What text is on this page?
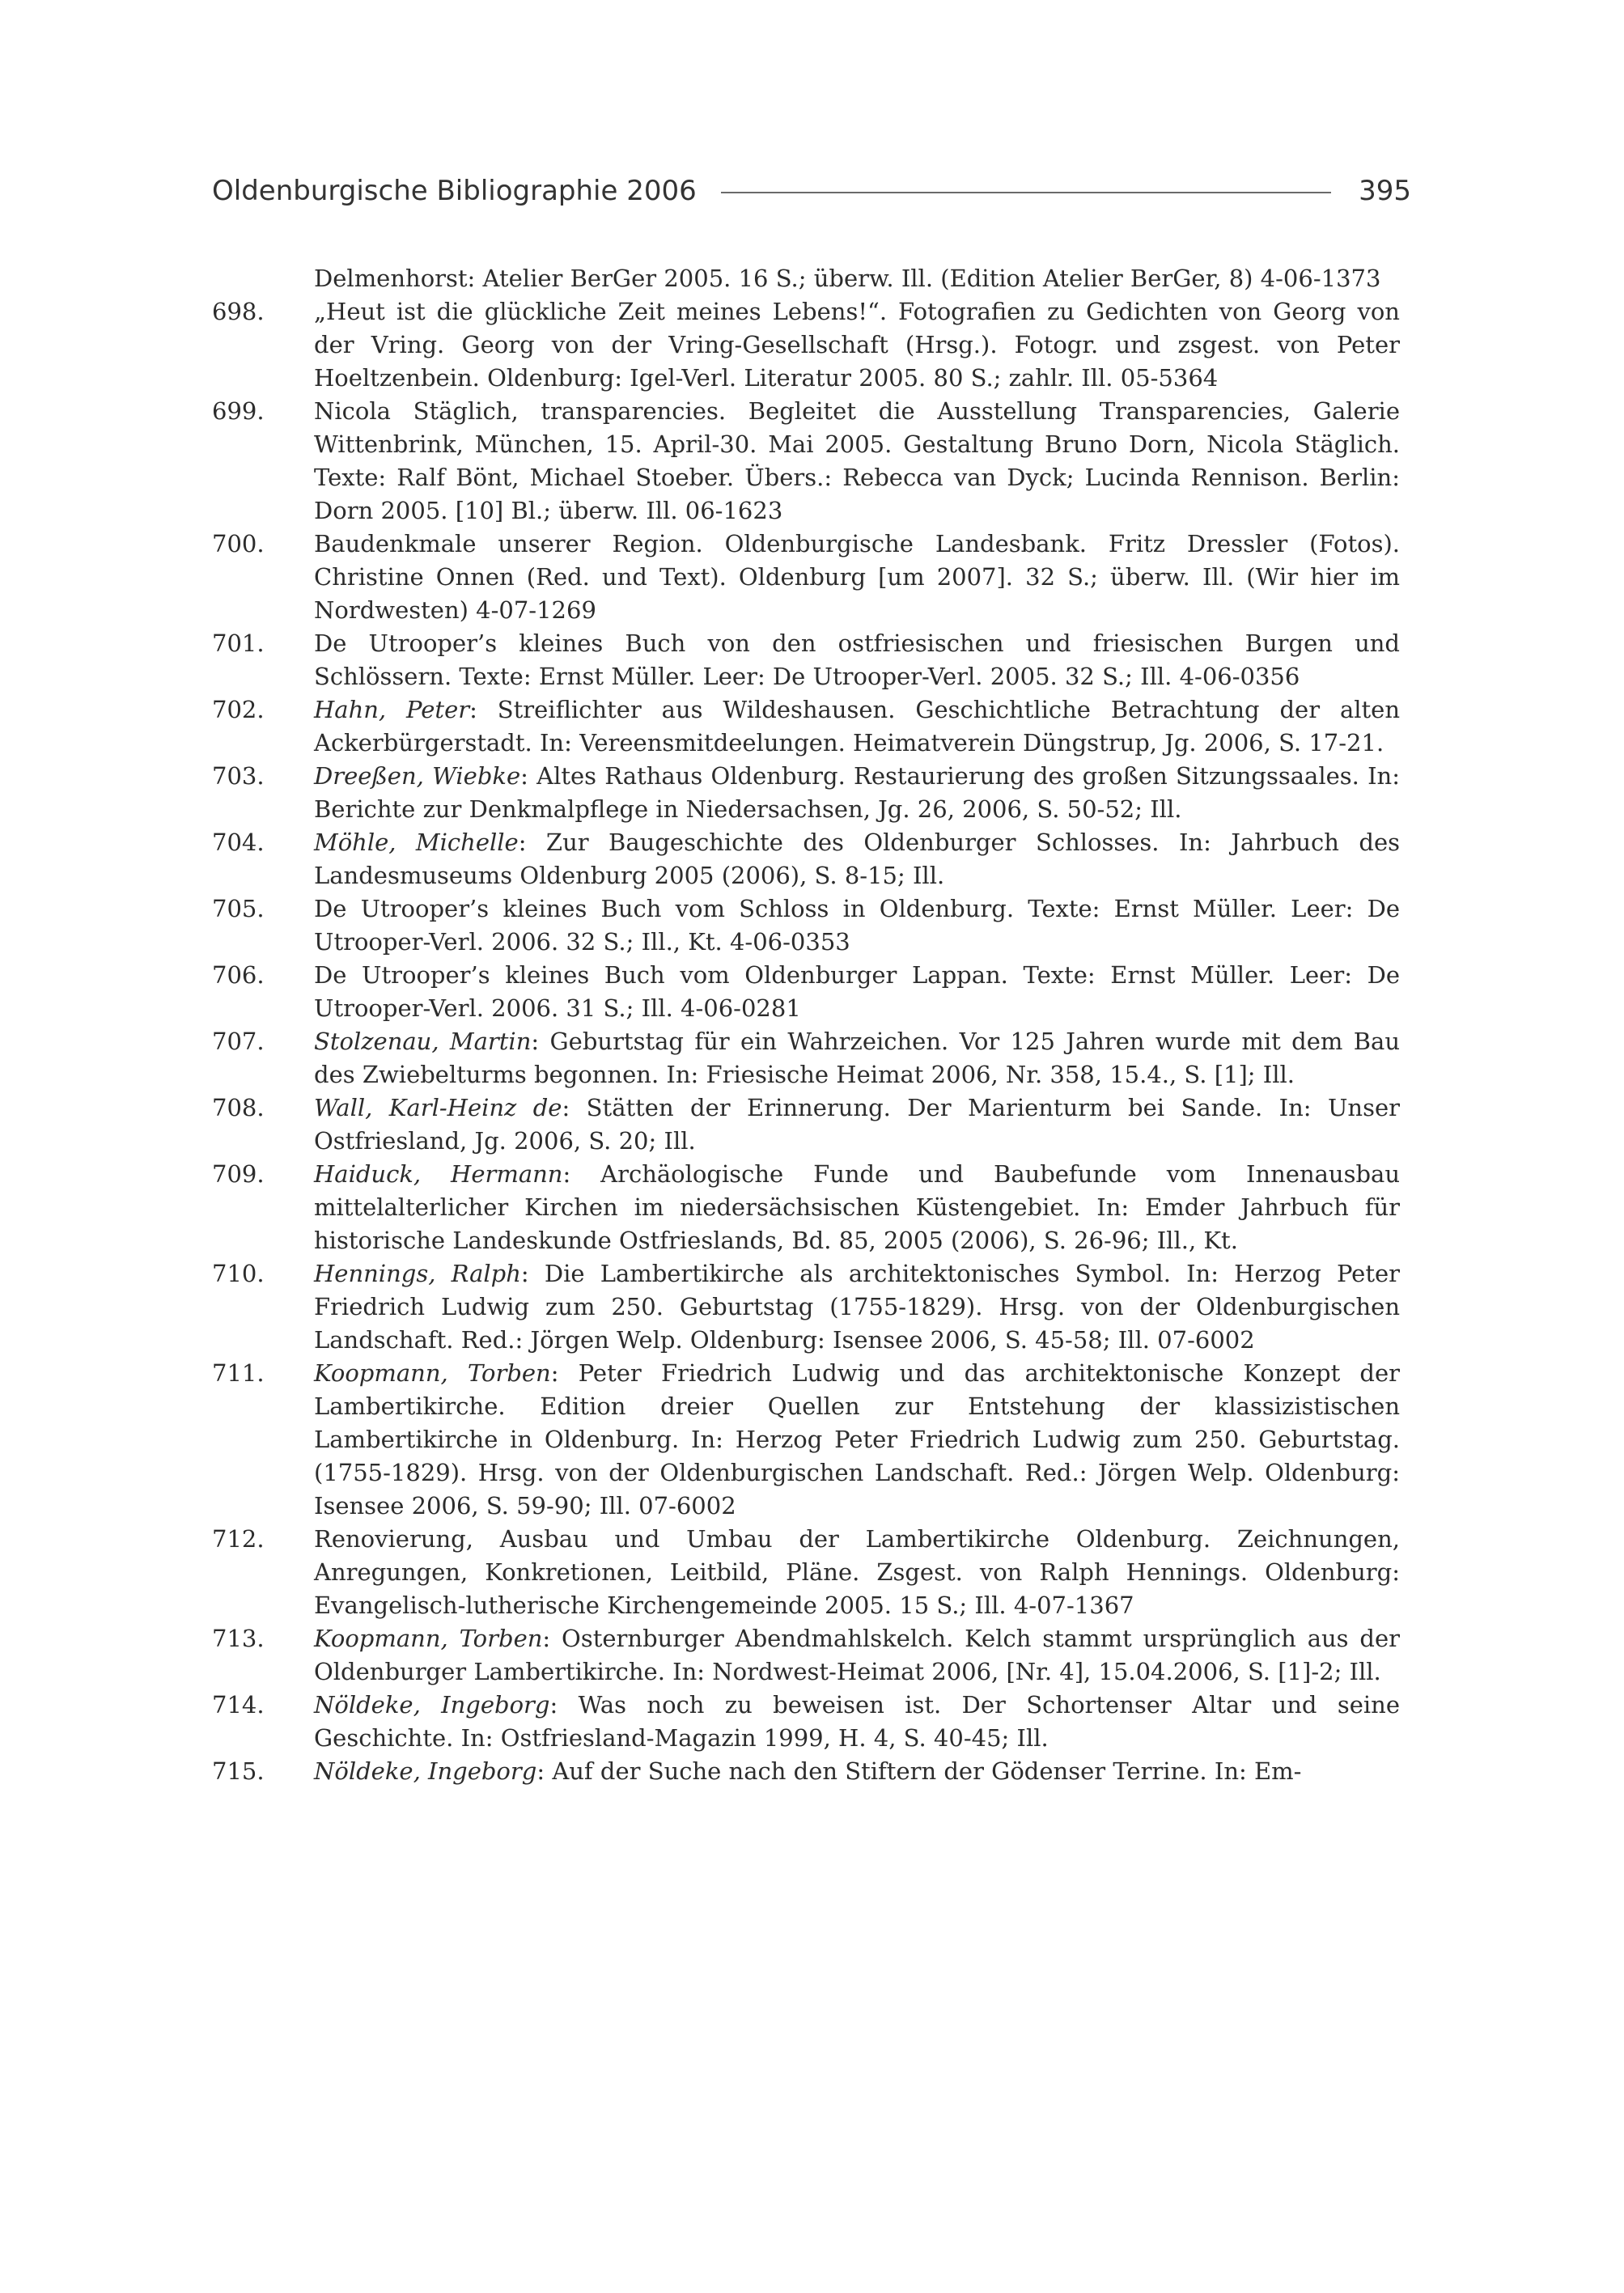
Oldenburgische Bibliographie 2006	395
Delmenhorst: Atelier BerGer 2005. 16 S.; überw. Ill. (Edition Atelier BerGer, 8) 4-06-1373
698.	„Heut ist die glückliche Zeit meines Lebens!“. Fotografien zu Gedichten von Georg von der Vring. Georg von der Vring-Gesellschaft (Hrsg.). Fotogr. und zsgest. von Peter Hoeltzenbein. Oldenburg: Igel-Verl. Literatur 2005. 80 S.; zahlr. Ill. 05-5364
699.	Nicola Stäglich, transparencies. Begleitet die Ausstellung Transparencies, Galerie Wittenbrink, München, 15. April-30. Mai 2005. Gestaltung Bruno Dorn, Nicola Stäglich. Texte: Ralf Bönt, Michael Stoeber. Übers.: Rebecca van Dyck; Lucinda Rennison. Berlin: Dorn 2005. [10] Bl.; überw. Ill. 06-1623
700.	Baudenkmale unserer Region. Oldenburgische Landesbank. Fritz Dressler (Fotos). Christine Onnen (Red. und Text). Oldenburg [um 2007]. 32 S.; überw. Ill. (Wir hier im Nordwesten) 4-07-1269
701.	De Utrooper’s kleines Buch von den ostfriesischen und friesischen Burgen und Schlössern. Texte: Ernst Müller. Leer: De Utrooper-Verl. 2005. 32 S.; Ill. 4-06-0356
702.	Hahn, Peter: Streiflichter aus Wildeshausen. Geschichtliche Betrachtung der alten Ackerbürgerstadt. In: Vereensmitdeelungen. Heimatverein Düngstrup, Jg. 2006, S. 17-21.
703.	Dreeßen, Wiebke: Altes Rathaus Oldenburg. Restaurierung des großen Sitzungssaales. In: Berichte zur Denkmalpflege in Niedersachsen, Jg. 26, 2006, S. 50-52; Ill.
704.	Möhle, Michelle: Zur Baugeschichte des Oldenburger Schlosses. In: Jahrbuch des Landesmuseums Oldenburg 2005 (2006), S. 8-15; Ill.
705.	De Utrooper’s kleines Buch vom Schloss in Oldenburg. Texte: Ernst Müller. Leer: De Utrooper-Verl. 2006. 32 S.; Ill., Kt. 4-06-0353
706.	De Utrooper’s kleines Buch vom Oldenburger Lappan. Texte: Ernst Müller. Leer: De Utrooper-Verl. 2006. 31 S.; Ill. 4-06-0281
707.	Stolzenau, Martin: Geburtstag für ein Wahrzeichen. Vor 125 Jahren wurde mit dem Bau des Zwiebelturms begonnen. In: Friesische Heimat 2006, Nr. 358, 15.4., S. [1]; Ill.
708.	Wall, Karl-Heinz de: Stätten der Erinnerung. Der Marienturm bei Sande. In: Unser Ostfriesland, Jg. 2006, S. 20; Ill.
709.	Haiduck, Hermann: Archäologische Funde und Baubefunde vom Innenausbau mittelalterlicher Kirchen im niedersächsischen Küstengebiet. In: Emder Jahrbuch für historische Landeskunde Ostfrieslands, Bd. 85, 2005 (2006), S. 26-96; Ill., Kt.
710.	Hennings, Ralph: Die Lambertikirche als architektonisches Symbol. In: Herzog Peter Friedrich Ludwig zum 250. Geburtstag (1755-1829). Hrsg. von der Oldenburgischen Landschaft. Red.: Jörgen Welp. Oldenburg: Isensee 2006, S. 45-58; Ill. 07-6002
711.	Koopmann, Torben: Peter Friedrich Ludwig und das architektonische Konzept der Lambertikirche. Edition dreier Quellen zur Entstehung der klassizistischen Lambertikirche in Oldenburg. In: Herzog Peter Friedrich Ludwig zum 250. Geburtstag. (1755-1829). Hrsg. von der Oldenburgischen Landschaft. Red.: Jörgen Welp. Oldenburg: Isensee 2006, S. 59-90; Ill. 07-6002
712.	Renovierung, Ausbau und Umbau der Lambertikirche Oldenburg. Zeichnungen, Anregungen, Konkretionen, Leitbild, Pläne. Zsgest. von Ralph Hennings. Oldenburg: Evangelisch-lutherische Kirchengemeinde 2005. 15 S.; Ill. 4-07-1367
713.	Koopmann, Torben: Osternburger Abendmahlskelch. Kelch stammt ursprünglich aus der Oldenburger Lambertikirche. In: Nordwest-Heimat 2006, [Nr. 4], 15.04.2006, S. [1]-2; Ill.
714.	Nöldeke, Ingeborg: Was noch zu beweisen ist. Der Schortenser Altar und seine Geschichte. In: Ostfriesland-Magazin 1999, H. 4, S. 40-45; Ill.
715.	Nöldeke, Ingeborg: Auf der Suche nach den Stiftern der Gödenser Terrine. In: Em-
